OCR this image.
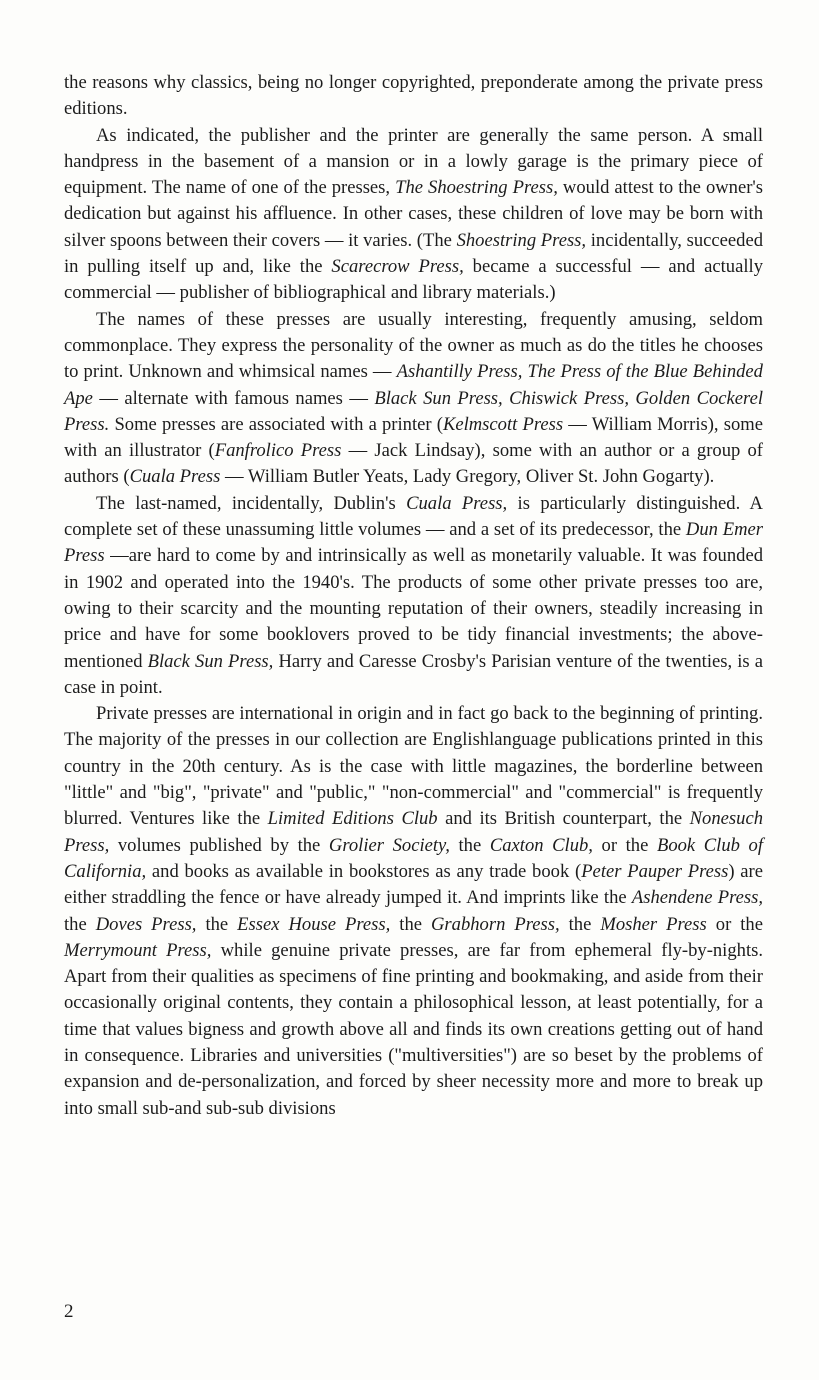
the reasons why classics, being no longer copyrighted, preponderate among the private press editions.

As indicated, the publisher and the printer are generally the same person. A small handpress in the basement of a mansion or in a lowly garage is the primary piece of equipment. The name of one of the presses, The Shoestring Press, would attest to the owner's dedication but against his affluence. In other cases, these children of love may be born with silver spoons between their covers — it varies. (The Shoestring Press, incidentally, succeeded in pulling itself up and, like the Scarecrow Press, became a successful — and actually commercial — publisher of bibliographical and library materials.)

The names of these presses are usually interesting, frequently amusing, seldom commonplace. They express the personality of the owner as much as do the titles he chooses to print. Unknown and whimsical names — Ashantilly Press, The Press of the Blue Behinded Ape — alternate with famous names — Black Sun Press, Chiswick Press, Golden Cockerel Press. Some presses are associated with a printer (Kelmscott Press — William Morris), some with an illustrator (Fanfrolico Press — Jack Lindsay), some with an author or a group of authors (Cuala Press — William Butler Yeats, Lady Gregory, Oliver St. John Gogarty).

The last-named, incidentally, Dublin's Cuala Press, is particularly distinguished. A complete set of these unassuming little volumes — and a set of its predecessor, the Dun Emer Press —are hard to come by and intrinsically as well as monetarily valuable. It was founded in 1902 and operated into the 1940's. The products of some other private presses too are, owing to their scarcity and the mounting reputation of their owners, steadily increasing in price and have for some booklovers proved to be tidy financial investments; the abovementioned Black Sun Press, Harry and Caresse Crosby's Parisian venture of the twenties, is a case in point.

Private presses are international in origin and in fact go back to the beginning of printing. The majority of the presses in our collection are Englishlanguage publications printed in this country in the 20th century. As is the case with little magazines, the borderline between "little" and "big", "private" and "public," "non-commercial" and "commercial" is frequently blurred. Ventures like the Limited Editions Club and its British counterpart, the Nonesuch Press, volumes published by the Grolier Society, the Caxton Club, or the Book Club of California, and books as available in bookstores as any trade book (Peter Pauper Press) are either straddling the fence or have already jumped it. And imprints like the Ashendene Press, the Doves Press, the Essex House Press, the Grabhorn Press, the Mosher Press or the Merrymount Press, while genuine private presses, are far from ephemeral fly-by-nights. Apart from their qualities as specimens of fine printing and bookmaking, and aside from their occasionally original contents, they contain a philosophical lesson, at least potentially, for a time that values bigness and growth above all and finds its own creations getting out of hand in consequence. Libraries and universities ("multiversities") are so beset by the problems of expansion and de-personalization, and forced by sheer necessity more and more to break up into small sub-and sub-sub divisions

2
